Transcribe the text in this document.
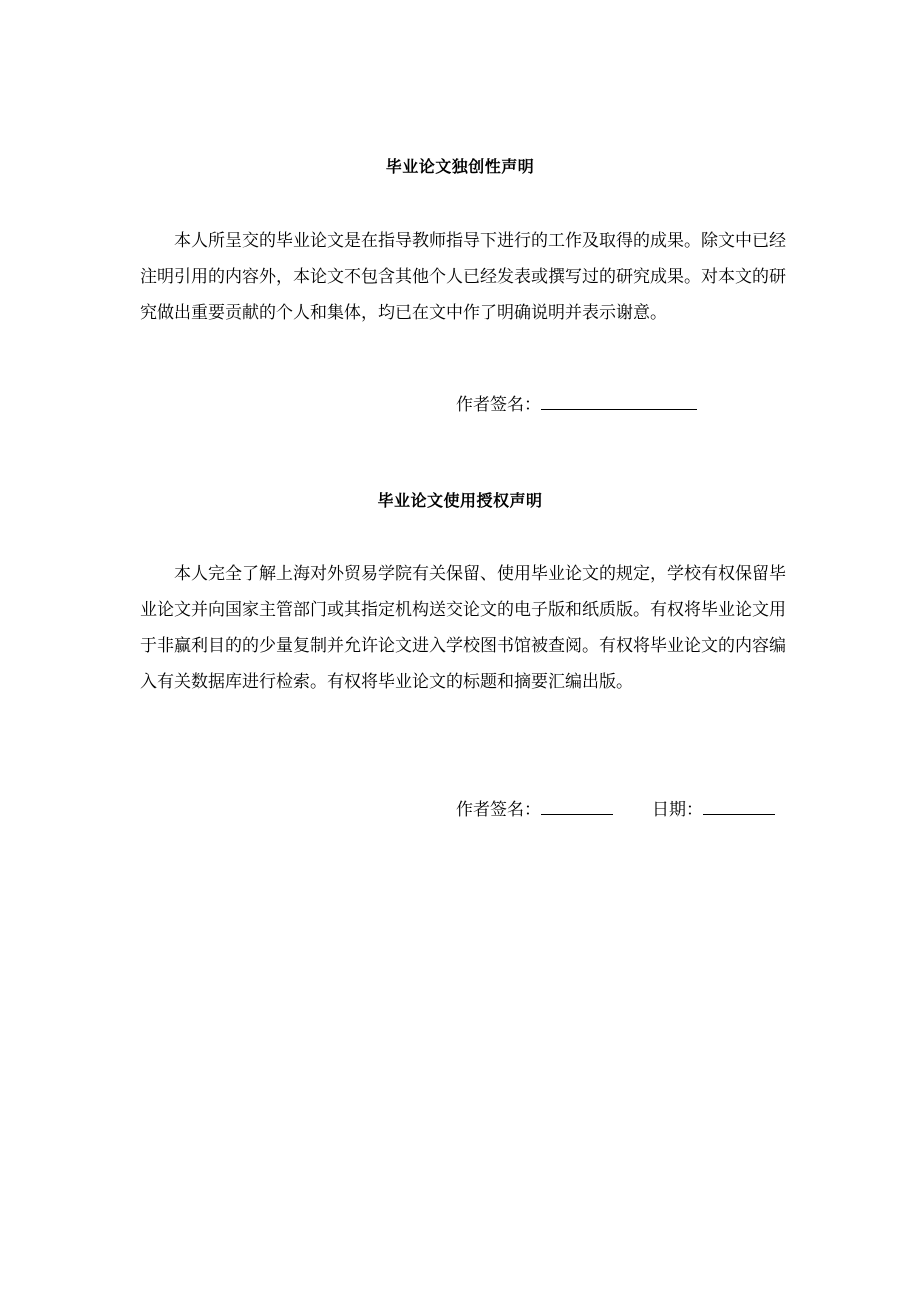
毕业论文独创性声明

本人所呈交的毕业论文是在指导教师指导下进行的工作及取得的成果。除文中已经注明引用的内容外，本论文不包含其他个人已经发表或撰写过的研究成果。对本文的研究做出重要贡献的个人和集体，均已在文中作了明确说明并表示谢意。

作者签名：
毕业论文使用授权声明

本人完全了解上海对外贸易学院有关保留、使用毕业论文的规定，学校有权保留毕业论文并向国家主管部门或其指定机构送交论文的电子版和纸质版。有权将毕业论文用于非赢利目的的少量复制并允许论文进入学校图书馆被查阅。有权将毕业论文的内容编入有关数据库进行检索。有权将毕业论文的标题和摘要汇编出版。

作者签名：	日期：
